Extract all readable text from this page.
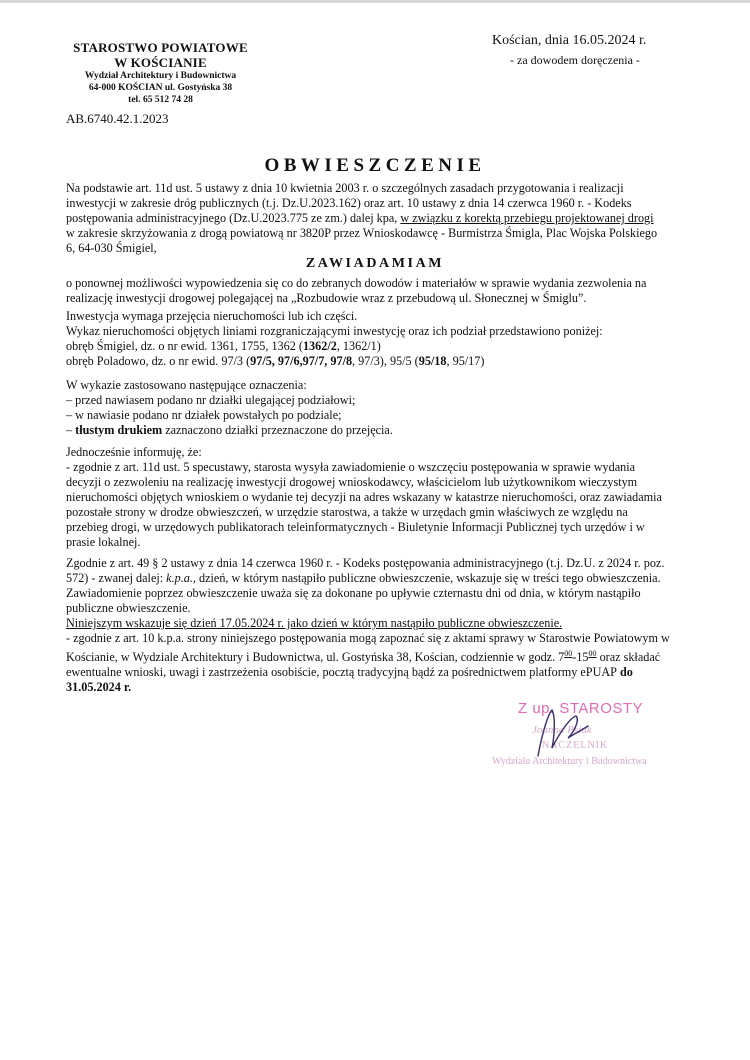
STAROSTWO POWIATOWE
W KOŚCIANIE
Wydział Architektury i Budownictwa
64-000 KOŚCIAN ul. Gostyńska 38
tel. 65 512 74 28
AB.6740.42.1.2023
Kościan, dnia 16.05.2024 r.
- za dowodem doręczenia -
OBWIESZCZENIE
Na podstawie art. 11d ust. 5 ustawy z dnia 10 kwietnia 2003 r. o szczególnych zasadach przygotowania i realizacji
inwestycji w zakresie dróg publicznych (t.j. Dz.U.2023.162) oraz art. 10 ustawy z dnia 14 czerwca 1960 r. - Kodeks
postępowania administracyjnego (Dz.U.2023.775 ze zm.) dalej kpa, w związku z korektą przebiegu projektowanej drogi
w zakresie skrzyżowania z drogą powiatową nr 3820P przez Wnioskodawcę - Burmistrza Śmigla, Plac Wojska Polskiego
6, 64-030 Śmigiel,
ZAWIADAMIAM
o ponownej możliwości wypowiedzenia się co do zebranych dowodów i materiałów w sprawie wydania zezwolenia na
realizację inwestycji drogowej polegającej na „Rozbudowie wraz z przebudową ul. Słonecznej w Śmiglu”.
Inwestycja wymaga przejęcia nieruchomości lub ich części.
Wykaz nieruchomości objętych liniami rozgraniczającymi inwestycję oraz ich podział przedstawiono poniżej:
obręb Śmigiel, dz. o nr ewid. 1361, 1755, 1362 (1362/2, 1362/1)
obręb Poladowo, dz. o nr ewid. 97/3 (97/5, 97/6,97/7, 97/8, 97/3), 95/5 (95/18, 95/17)
W wykazie zastosowano następujące oznaczenia:
– przed nawiasem podano nr działki ulegającej podziałowi;
– w nawiasie podano nr działek powstałych po podziale;
– tłustym drukiem zaznaczono działki przeznaczone do przejęcia.
Jednocześnie informuję, że:
- zgodnie z art. 11d ust. 5 specustawy, starosta wysyła zawiadomienie o wszczęciu postępowania w sprawie wydania
decyzji o zezwoleniu na realizację inwestycji drogowej wnioskodawcy, właścicielom lub użytkownikom wieczystym
nieruchomości objętych wnioskiem o wydanie tej decyzji na adres wskazany w katastrze nieruchomości, oraz zawiadamia
pozostałe strony w drodze obwieszczeń, w urzędzie starostwa, a także w urzędach gmin właściwych ze względu na
przebieg drogi, w urzędowych publikatorach teleinformatycznych - Biuletynie Informacji Publicznej tych urzędów i w
prasie lokalnej.
Zgodnie z art. 49 § 2 ustawy z dnia 14 czerwca 1960 r. - Kodeks postępowania administracyjnego (t.j. Dz.U. z 2024 r. poz.
572) - zwanej dalej: k.p.a., dzień, w którym nastąpiło publiczne obwieszczenie, wskazuje się w treści tego obwieszczenia.
Zawiadomienie poprzez obwieszczenie uważa się za dokonane po upływie czternastu dni od dnia, w którym nastąpiło
publiczne obwieszczenie.
Niniejszym wskazuje się dzień 17.05.2024 r. jako dzień w którym nastąpiło publiczne obwieszczenie.
- zgodnie z art. 10 k.p.a. strony niniejszego postępowania mogą zapoznać się z aktami sprawy w Starostwie Powiatowym w
Kościanie, w Wydziale Architektury i Budownictwa, ul. Gostyńska 38, Kościan, codziennie w godz. $7^{00}-15^{00}$ oraz składać
ewentualne wnioski, uwagi i zastrzeżenia osobiście, pocztą tradycyjną bądź za pośrednictwem platformy ePUAP do
31.05.2024 r.
Z up. STAROSTY
Joanna Psiuk
NACZELNIK
Wydziału Architektury i Budownictwa
